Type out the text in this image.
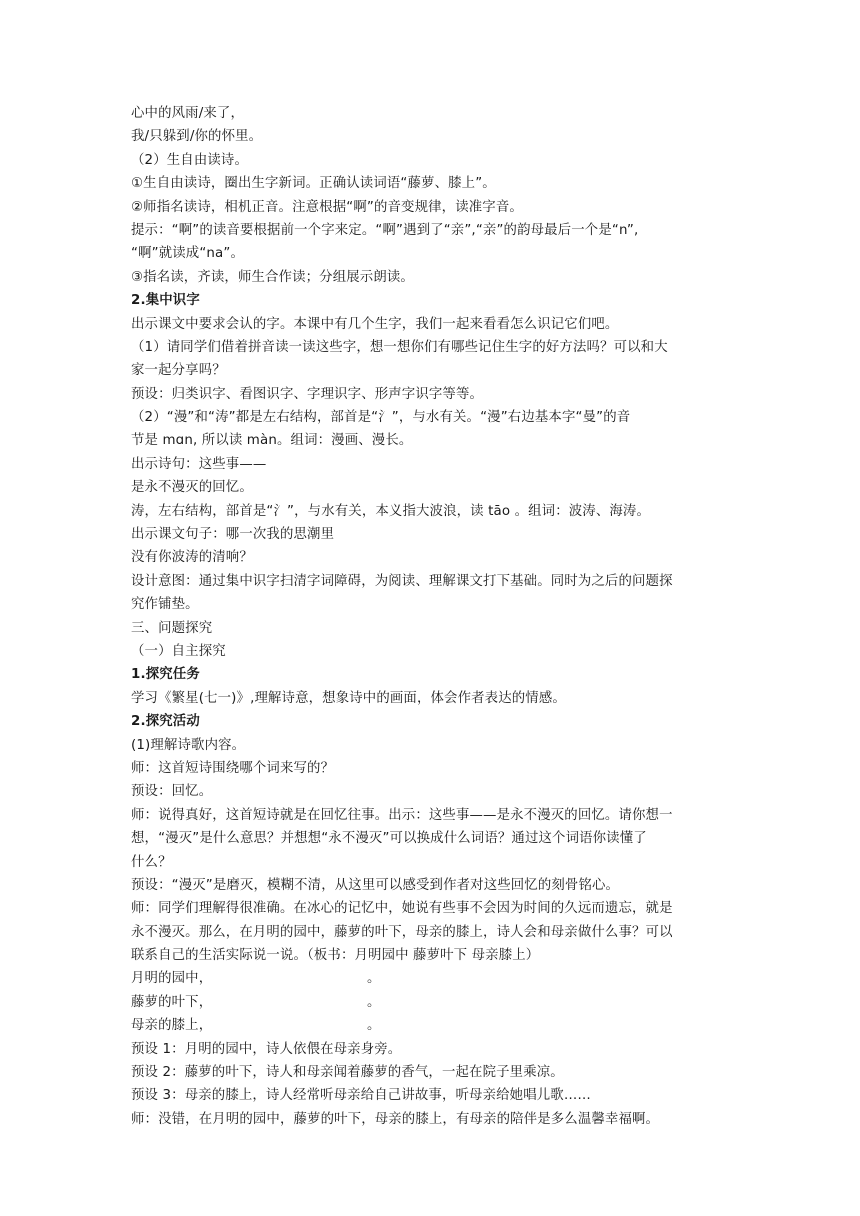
心中的风雨/来了，
我/只躲到/你的怀里。
（2）生自由读诗。
①生自由读诗，圈出生字新词。正确认读词语“藤萝、膝上”。
②师指名读诗，相机正音。注意根据“啊”的音变规律，读准字音。
提示：“啊”的读音要根据前一个字来定。“啊”遇到了“亲”,“亲”的韵母最后一个是“n”,
“啊”就读成“na”。
③指名读，齐读，师生合作读；分组展示朗读。
2.集中识字
出示课文中要求会认的字。本课中有几个生字，我们一起来看看怎么识记它们吧。
（1）请同学们借着拼音读一读这些字，想一想你们有哪些记住生字的好方法吗？可以和大
家一起分享吗？
预设：归类识字、看图识字、字理识字、形声字识字等等。
（2）“漫”和“涛”都是左右结构，部首是“氵”，与水有关。“漫”右边基本字“曼”的音
节是 mɑn, 所以读 màn。组词：漫画、漫长。
出示诗句：这些事——
是永不漫灭的回忆。
涛，左右结构，部首是“氵”，与水有关，本义指大波浪，读 tāo 。组词：波涛、海涛。
出示课文句子：哪一次我的思潮里
没有你波涛的清响？
设计意图：通过集中识字扫清字词障碍，为阅读、理解课文打下基础。同时为之后的问题探
究作铺垫。
三、问题探究
（一）自主探究
1.探究任务
学习《繁星(七一)》,理解诗意，想象诗中的画面，体会作者表达的情感。
2.探究活动
(1)理解诗歌内容。
师：这首短诗围绕哪个词来写的？
预设：回忆。
师：说得真好，这首短诗就是在回忆往事。出示：这些事——是永不漫灭的回忆。请你想一
想，“漫灭”是什么意思？并想想“永不漫灭”可以换成什么词语？通过这个词语你读懂了
什么？
预设：“漫灭”是磨灭，模糊不清，从这里可以感受到作者对这些回忆的刻骨铭心。
师：同学们理解得很准确。在冰心的记忆中，她说有些事不会因为时间的久远而遗忘，就是
永不漫灭。那么，在月明的园中，藤萝的叶下，母亲的膝上，诗人会和母亲做什么事？可以
联系自己的生活实际说一说。（板书：月明园中 藤萝叶下 母亲膝上）
月明的园中，	。
藤萝的叶下，	。
母亲的膝上，	。
预设 1：月明的园中，诗人依偎在母亲身旁。
预设 2：藤萝的叶下，诗人和母亲闻着藤萝的香气，一起在院子里乘凉。
预设 3：母亲的膝上，诗人经常听母亲给自己讲故事，听母亲给她唱儿歌……
师：没错，在月明的园中，藤萝的叶下，母亲的膝上，有母亲的陪伴是多么温馨幸福啊。
